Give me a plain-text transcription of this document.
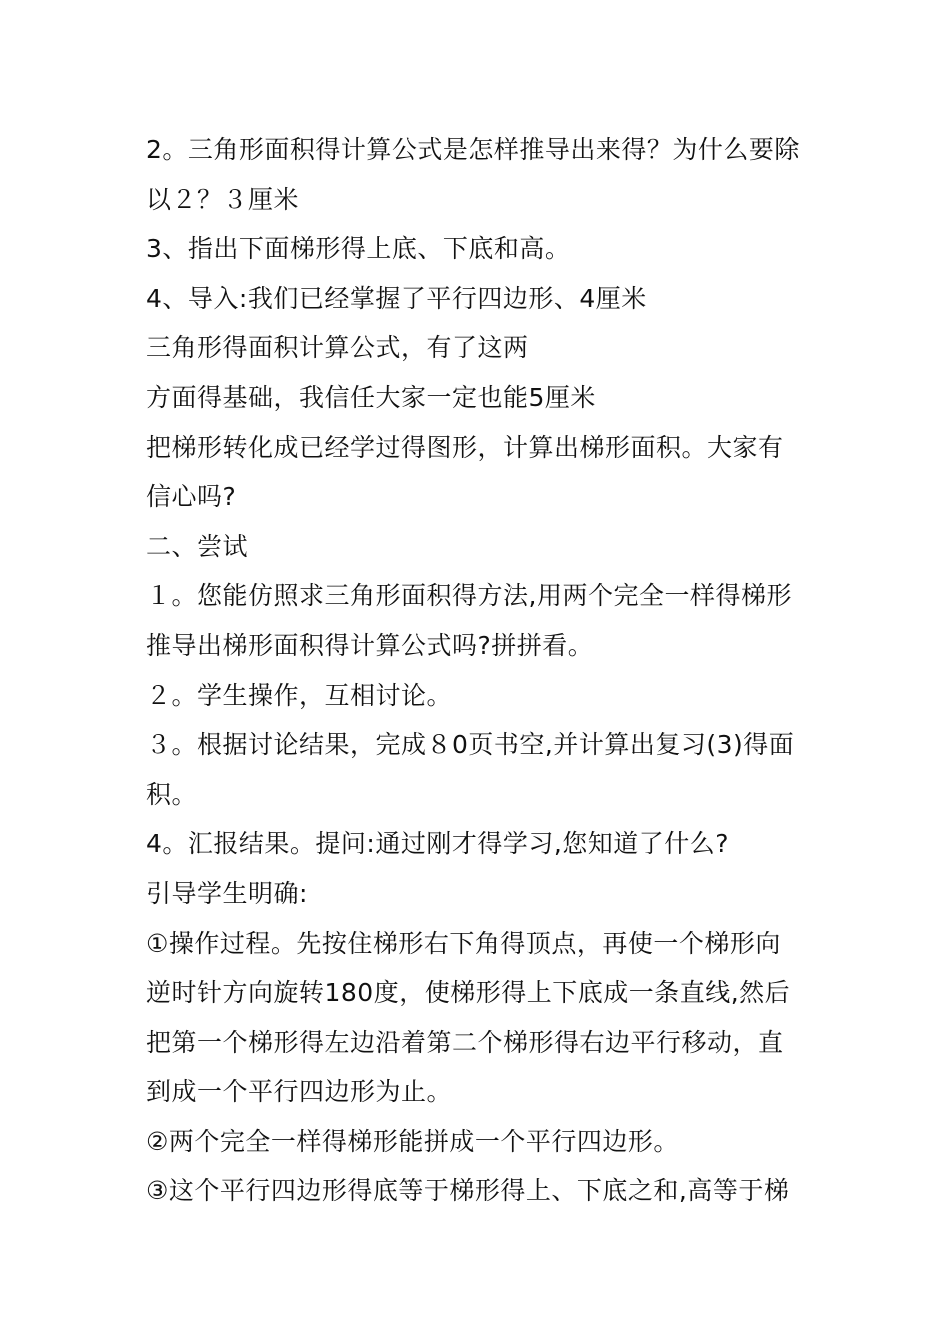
2。三角形面积得计算公式是怎样推导出来得？为什么要除
以２？３厘米
3、指出下面梯形得上底、下底和高。
4、导入:我们已经掌握了平行四边形、4厘米
三角形得面积计算公式，有了这两
方面得基础，我信任大家一定也能5厘米
把梯形转化成已经学过得图形，计算出梯形面积。大家有
信心吗?
二、尝试
１。您能仿照求三角形面积得方法,用两个完全一样得梯形
推导出梯形面积得计算公式吗?拼拼看。
２。学生操作，互相讨论。
３。根据讨论结果，完成８0页书空,并计算出复习(3)得面
积。
4。汇报结果。提问:通过刚才得学习,您知道了什么?
引导学生明确:
①操作过程。先按住梯形右下角得顶点，再使一个梯形向
逆时针方向旋转180度，使梯形得上下底成一条直线,然后
把第一个梯形得左边沿着第二个梯形得右边平行移动，直
到成一个平行四边形为止。
②两个完全一样得梯形能拼成一个平行四边形。
③这个平行四边形得底等于梯形得上、下底之和,高等于梯
